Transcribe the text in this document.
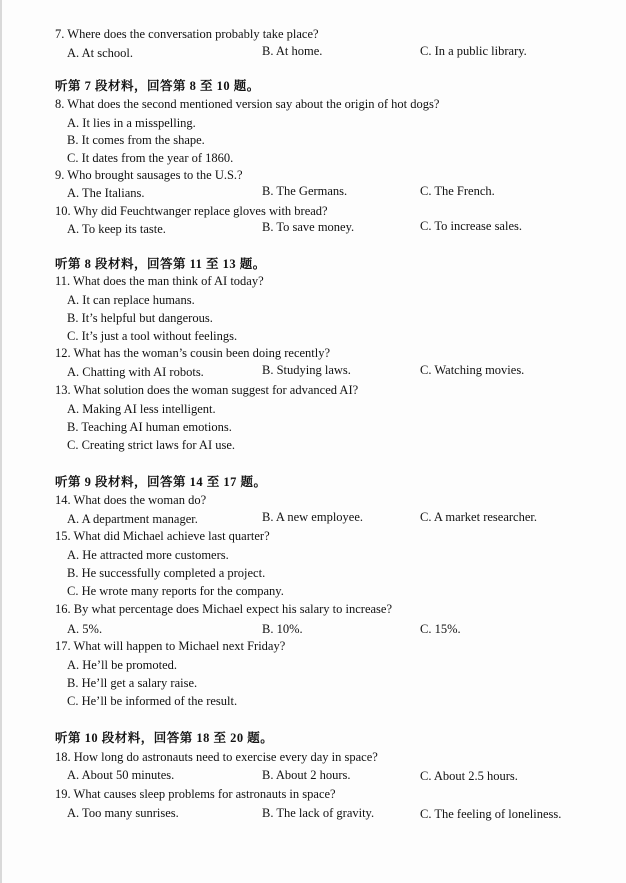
7. Where does the conversation probably take place?
A. At school.	B. At home.	C. In a public library.
听第 7 段材料，回答第 8 至 10 题。
8. What does the second mentioned version say about the origin of hot dogs?
A. It lies in a misspelling.
B. It comes from the shape.
C. It dates from the year of 1860.
9. Who brought sausages to the U.S.?
A. The Italians.	B. The Germans.	C. The French.
10. Why did Feuchtwanger replace gloves with bread?
A. To keep its taste.	B. To save money.	C. To increase sales.
听第 8 段材料，回答第 11 至 13 题。
11. What does the man think of AI today?
A. It can replace humans.
B. It’s helpful but dangerous.
C. It’s just a tool without feelings.
12. What has the woman’s cousin been doing recently?
A. Chatting with AI robots.	B. Studying laws.	C. Watching movies.
13. What solution does the woman suggest for advanced AI?
A. Making AI less intelligent.
B. Teaching AI human emotions.
C. Creating strict laws for AI use.
听第 9 段材料，回答第 14 至 17 题。
14. What does the woman do?
A. A department manager.	B. A new employee.	C. A market researcher.
15. What did Michael achieve last quarter?
A. He attracted more customers.
B. He successfully completed a project.
C. He wrote many reports for the company.
16. By what percentage does Michael expect his salary to increase?
A. 5%.	B. 10%.	C. 15%.
17. What will happen to Michael next Friday?
A. He’ll be promoted.
B. He’ll get a salary raise.
C. He’ll be informed of the result.
听第 10 段材料，回答第 18 至 20 题。
18. How long do astronauts need to exercise every day in space?
A. About 50 minutes.	B. About 2 hours.	C. About 2.5 hours.
19. What causes sleep problems for astronauts in space?
A. Too many sunrises.	B. The lack of gravity.	C. The feeling of loneliness.
